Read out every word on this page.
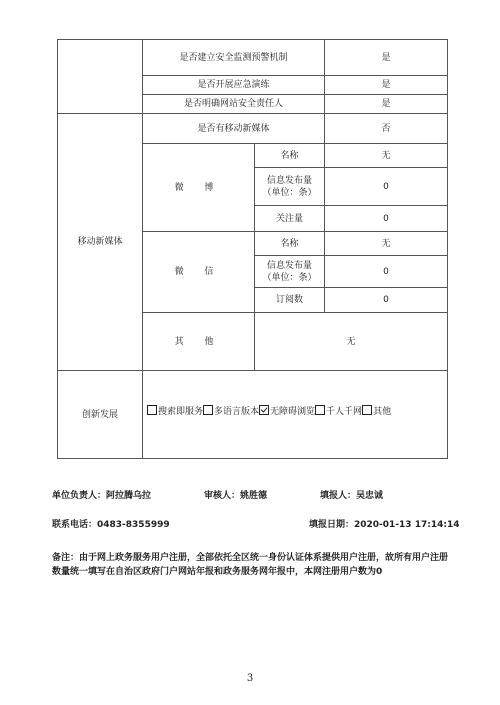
	是否建立安全监测预警机制		是
	是否开展应急演练		是
	是否明确网站安全责任人		是
移动新媒体	是否有移动新媒体		否
	微 博	名称	无

		信息发布量
（单位：条）	0
		关注量	0
	微 信	名称	无

		信息发布量
（单位：条）	0
		订阅数	0
	其 他	无	
创新发展	搜索即服务 多语言版本 无障碍浏览 千人千网 其他		
单位负责人：阿拉腾乌拉	审核人：姚胜德	填报人：吴忠诚
联系电话：0483-8355999	填报日期：2020-01-13 17:14:14
备注：由于网上政务服务用户注册，全部依托全区统一身份认证体系提供用户注册，故所有用户注册数量统一填写在自治区政府门户网站年报和政务服务网年报中，本网注册用户数为0
3
